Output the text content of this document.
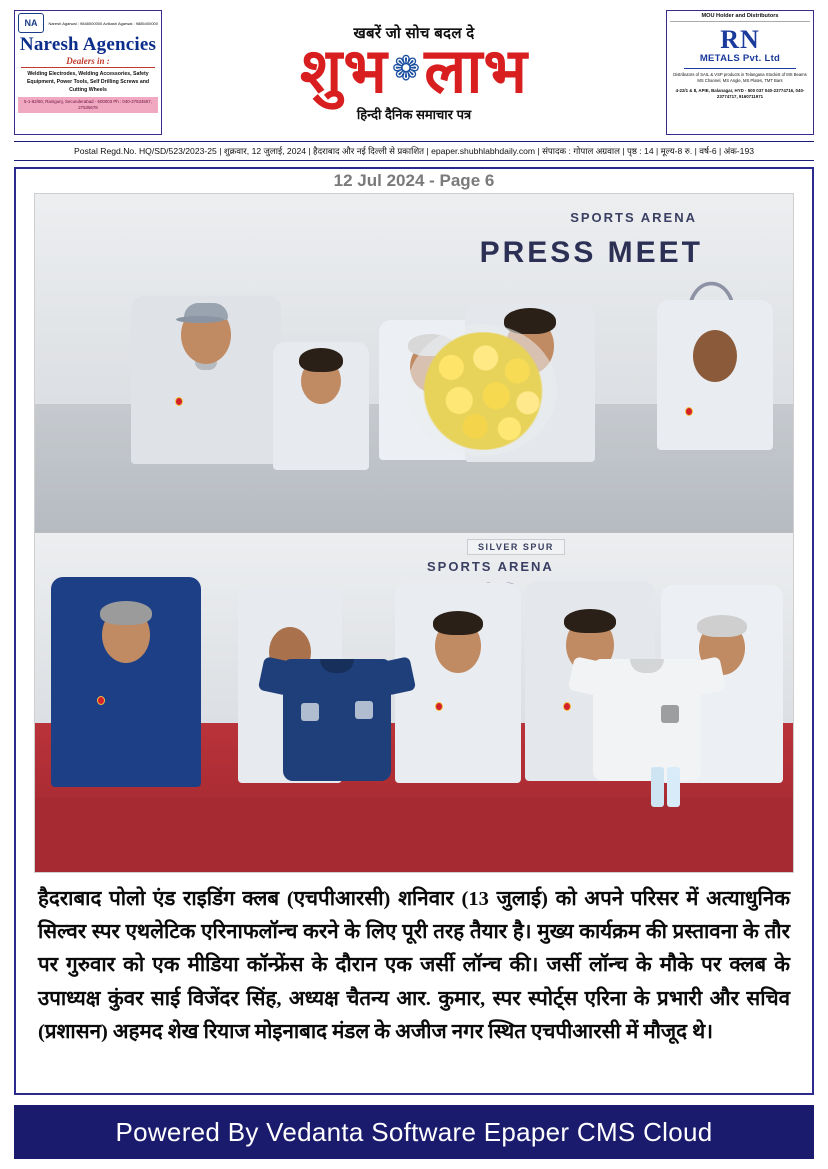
NA	Naresh Agarwal : 9848000000 Avikash Agarwal : 9885400000
Naresh Agencies
Dealers in :
Welding Electrodes, Welding Accessories, Safety Equipment, Power Tools, Self Drilling Screws and Cutting Wheels
5-1-62/60, Ranigunj, Secunderabad - 500003 Ph : 040-27534567, 27535678
खबरें जो सोच बदल दे
शुभ ❁ लाभ
हिन्दी दैनिक समाचार पत्र
MOU Holder and Distributors
RN
METALS Pvt. Ltd
Distributors of SAIL & VSP products in Telangana Stockist of MS Beams MS Channel, MS Angle, MS Plates, TMT Bars
4-22/1 & 8, APIE, Balanagar, HYD - 500 037 040-23774716, 040-23774717, 9160711971
Postal Regd.No. HQ/SD/523/2023-25 | शुक्रवार, 12 जुलाई, 2024 | हैदराबाद और नई दिल्ली से प्रकाशित | epaper.shubhlabhdaily.com | संपादक : गोपाल अग्रवाल | पृष्ठ : 14 | मूल्य-8 रु. | वर्ष-6 | अंक-193
12 Jul 2024 - Page 6
SPORTS ARENA
PRESS MEET
SILVER SPUR
SPORTS ARENA
हैदराबाद पोलो एंड राइडिंग क्लब (एचपीआरसी) शनिवार (13 जुलाई) को अपने परिसर में अत्याधुनिक सिल्वर स्पर एथलेटिक एरिनाफलॉन्च करने के लिए पूरी तरह तैयार है। मुख्य कार्यक्रम की प्रस्तावना के तौर पर गुरुवार को एक मीडिया कॉन्फ्रेंस के दौरान एक जर्सी लॉन्च की। जर्सी लॉन्च के मौके पर क्लब के उपाध्यक्ष कुंवर साई विजेंदर सिंह, अध्यक्ष चैतन्य आर. कुमार, स्पर स्पोर्ट्स एरिना के प्रभारी और सचिव (प्रशासन) अहमद शेख रियाज मोइनाबाद मंडल के अजीज नगर स्थित एचपीआरसी में मौजूद थे।
Powered By Vedanta Software Epaper CMS Cloud
